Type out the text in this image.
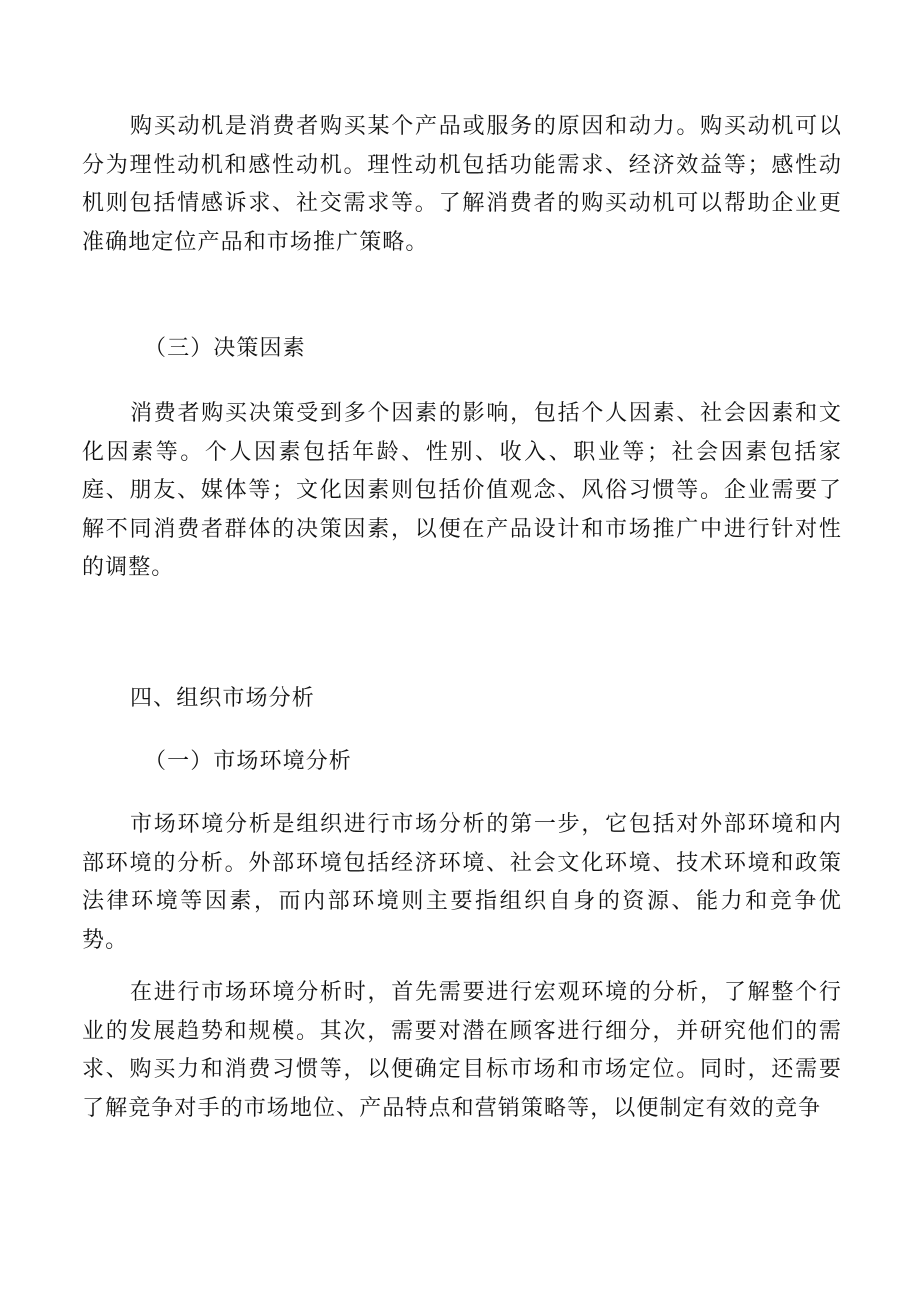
购买动机是消费者购买某个产品或服务的原因和动力。购买动机可以分为理性动机和感性动机。理性动机包括功能需求、经济效益等；感性动机则包括情感诉求、社交需求等。了解消费者的购买动机可以帮助企业更准确地定位产品和市场推广策略。

（三）决策因素

消费者购买决策受到多个因素的影响，包括个人因素、社会因素和文化因素等。个人因素包括年龄、性别、收入、职业等；社会因素包括家庭、朋友、媒体等；文化因素则包括价值观念、风俗习惯等。企业需要了解不同消费者群体的决策因素，以便在产品设计和市场推广中进行针对性的调整。

四、组织市场分析

（一）市场环境分析

市场环境分析是组织进行市场分析的第一步，它包括对外部环境和内部环境的分析。外部环境包括经济环境、社会文化环境、技术环境和政策法律环境等因素，而内部环境则主要指组织自身的资源、能力和竞争优势。

在进行市场环境分析时，首先需要进行宏观环境的分析，了解整个行业的发展趋势和规模。其次，需要对潜在顾客进行细分，并研究他们的需求、购买力和消费习惯等，以便确定目标市场和市场定位。同时，还需要了解竞争对手的市场地位、产品特点和营销策略等，以便制定有效的竞争
